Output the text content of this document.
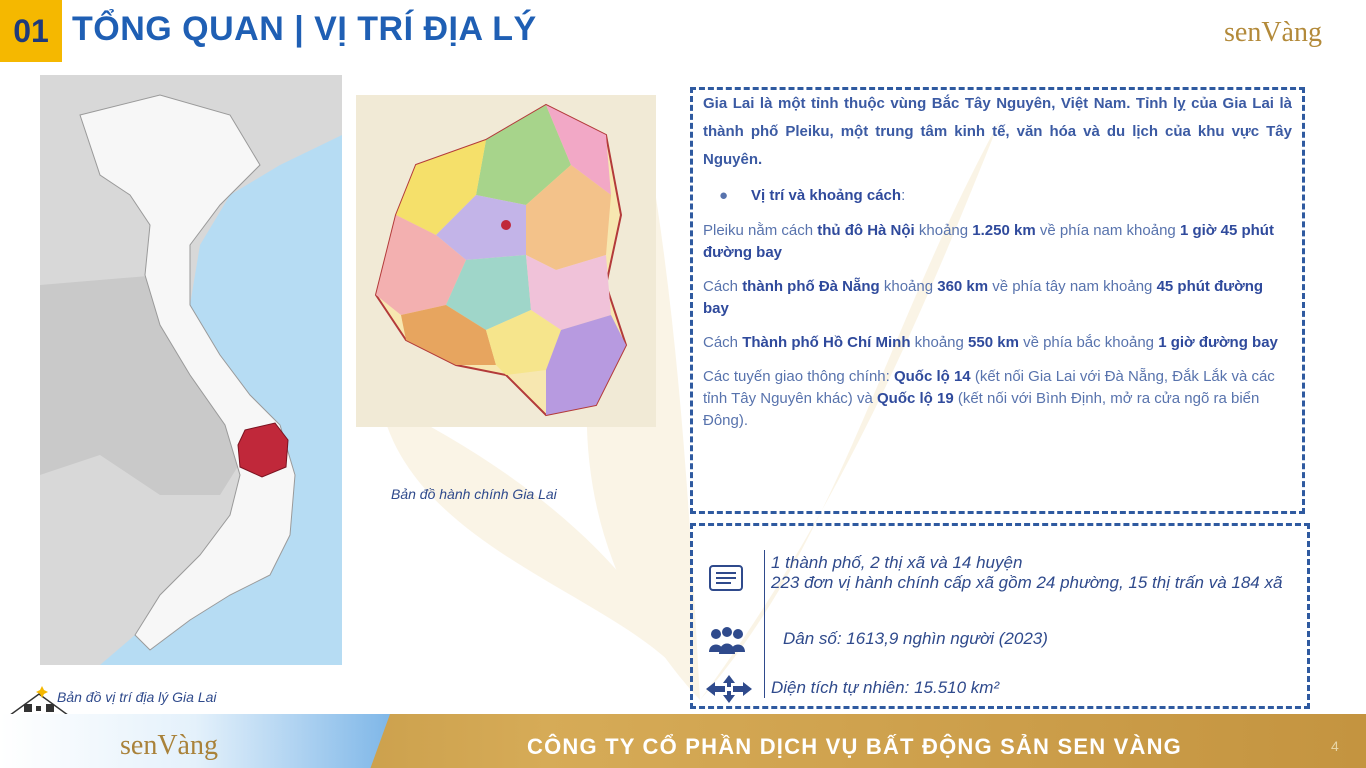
01 TỔNG QUAN | VỊ TRÍ ĐỊA LÝ	senVàng
Bản đồ vị trí địa lý Gia Lai
Bản đồ hành chính Gia Lai
Gia Lai là một tỉnh thuộc vùng Bắc Tây Nguyên, Việt Nam. Tỉnh lỵ của Gia Lai là thành phố Pleiku, một trung tâm kinh tế, văn hóa và du lịch của khu vực Tây Nguyên.
● Vị trí và khoảng cách:
Pleiku nằm cách thủ đô Hà Nội khoảng 1.250 km về phía nam khoảng 1 giờ 45 phút đường bay
Cách thành phố Đà Nẵng khoảng 360 km về phía tây nam khoảng 45 phút đường bay
Cách Thành phố Hồ Chí Minh khoảng 550 km về phía bắc khoảng 1 giờ đường bay
Các tuyến giao thông chính: Quốc lộ 14 (kết nối Gia Lai với Đà Nẵng, Đắk Lắk và các tỉnh Tây Nguyên khác) và Quốc lộ 19 (kết nối với Bình Định, mở ra cửa ngõ ra biển Đông).
1 thành phố, 2 thị xã và 14 huyện
223 đơn vị hành chính cấp xã gồm 24 phường, 15 thị trấn và 184 xã
Dân số: 1613,9 nghìn người (2023)
Diện tích tự nhiên: 15.510 km²
senVàng	CÔNG TY CỔ PHẦN DỊCH VỤ BẤT ĐỘNG SẢN SEN VÀNG	4
